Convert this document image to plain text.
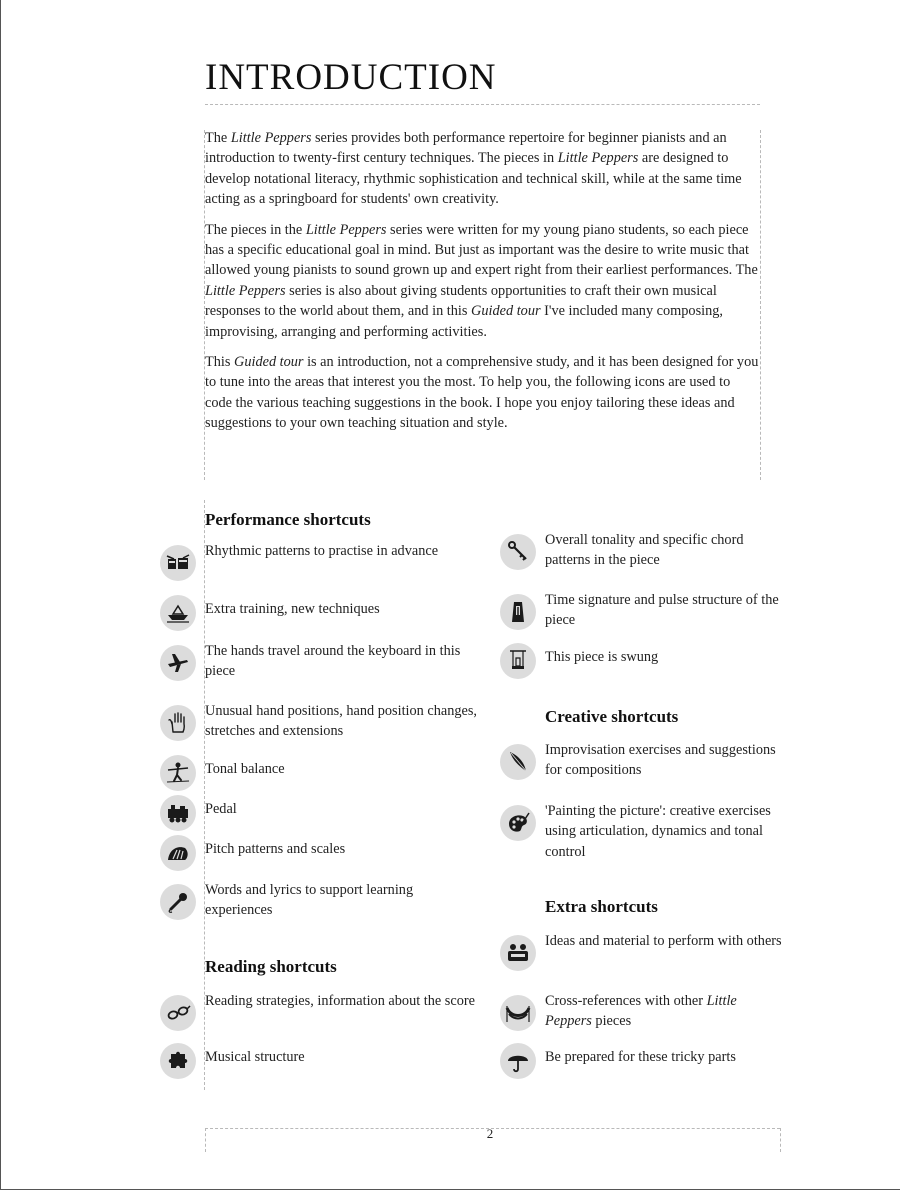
INTRODUCTION

The Little Peppers series provides both performance repertoire for beginner pianists and an introduction to twenty-first century techniques. The pieces in Little Peppers are designed to develop notational literacy, rhythmic sophistication and technical skill, while at the same time acting as a springboard for students' own creativity.

The pieces in the Little Peppers series were written for my young piano students, so each piece has a specific educational goal in mind. But just as important was the desire to write music that allowed young pianists to sound grown up and expert right from their earliest performances. The Little Peppers series is also about giving students opportunities to craft their own musical responses to the world about them, and in this Guided tour I've included many composing, improvising, arranging and performing activities.

This Guided tour is an introduction, not a comprehensive study, and it has been designed for you to tune into the areas that interest you the most. To help you, the following icons are used to code the various teaching suggestions in the book. I hope you enjoy tailoring these ideas and suggestions to your own teaching situation and style.

Performance shortcuts
Rhythmic patterns to practise in advance
Extra training, new techniques
The hands travel around the keyboard in this piece
Unusual hand positions, hand position changes, stretches and extensions
Tonal balance
Pedal
Pitch patterns and scales
Words and lyrics to support learning experiences
Reading shortcuts
Reading strategies, information about the score
Musical structure
Overall tonality and specific chord patterns in the piece
Time signature and pulse structure of the piece
This piece is swung
Creative shortcuts
Improvisation exercises and suggestions for compositions
'Painting the picture': creative exercises using articulation, dynamics and tonal control
Extra shortcuts
Ideas and material to perform with others
Cross-references with other Little Peppers pieces
Be prepared for these tricky parts
2
